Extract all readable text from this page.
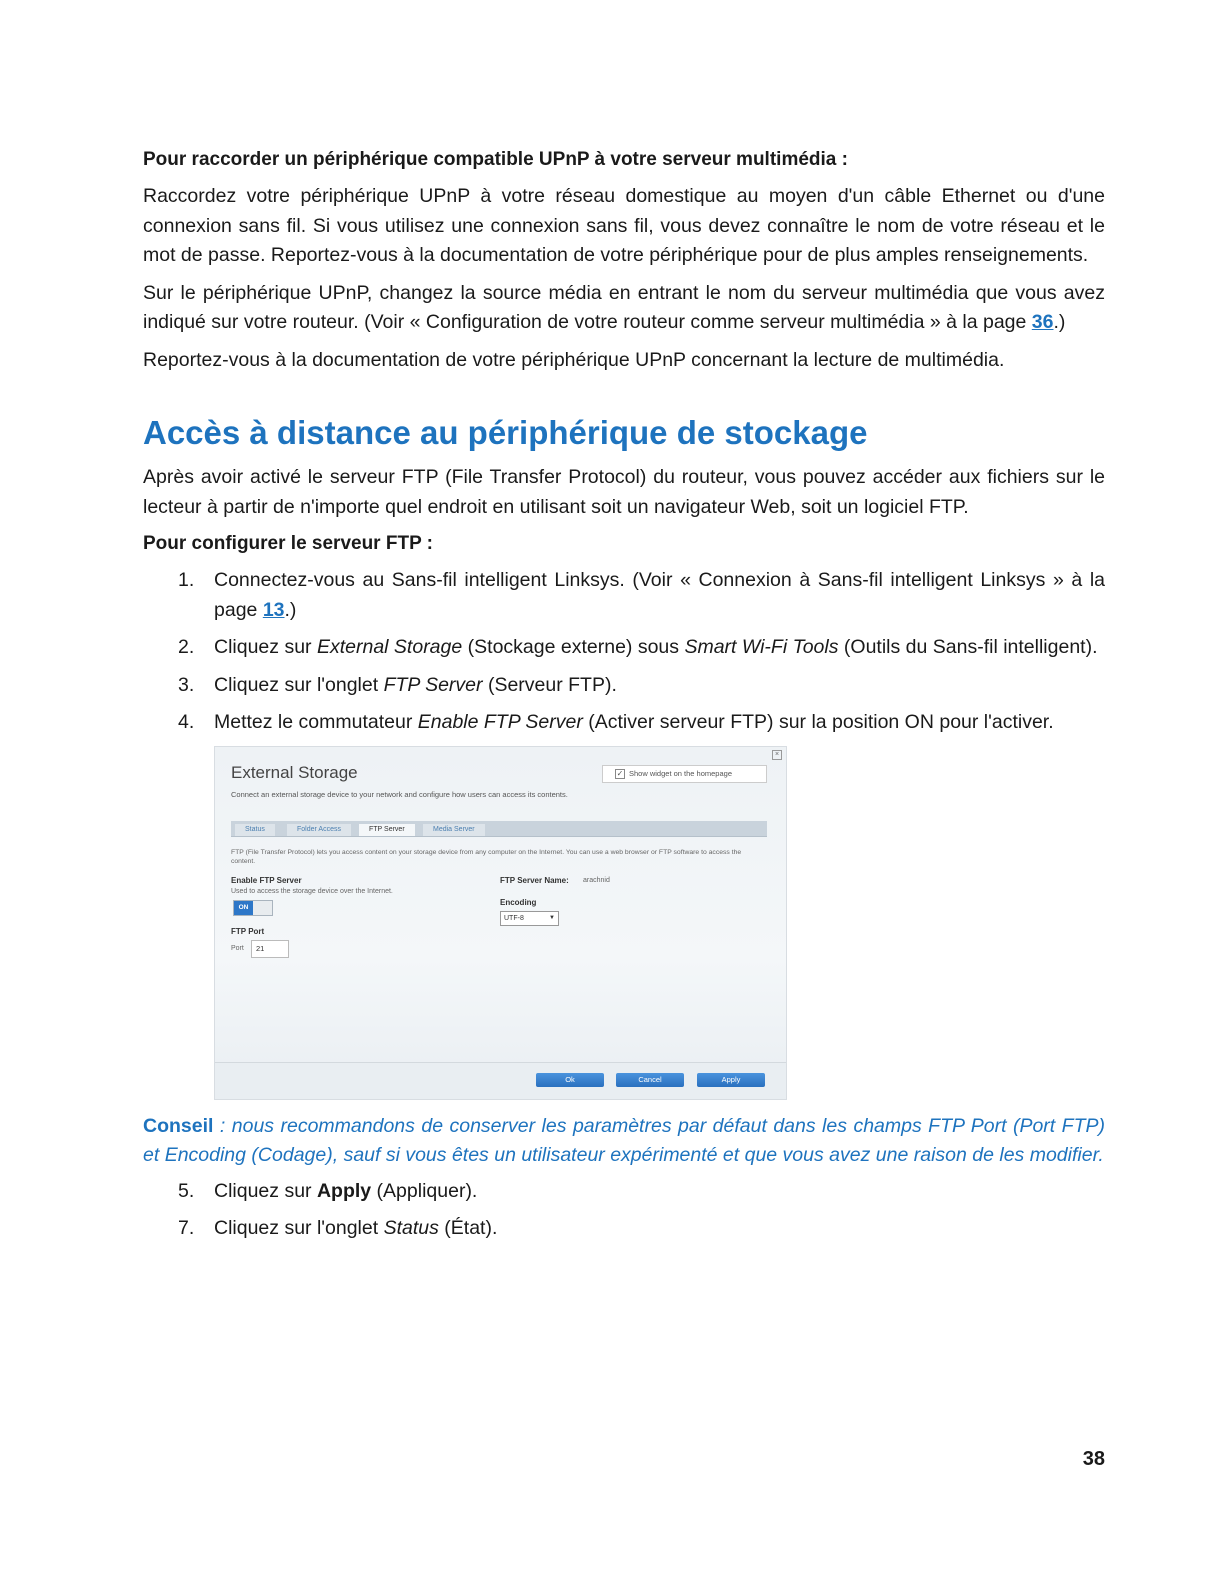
Pour raccorder un périphérique compatible UPnP à votre serveur multimédia :

Raccordez votre périphérique UPnP à votre réseau domestique au moyen d'un câble Ethernet ou d'une connexion sans fil. Si vous utilisez une connexion sans fil, vous devez connaître le nom de votre réseau et le mot de passe. Reportez-vous à la documentation de votre périphérique pour de plus amples renseignements.

Sur le périphérique UPnP, changez la source média en entrant le nom du serveur multimédia que vous avez indiqué sur votre routeur. (Voir « Configuration de votre routeur comme serveur multimédia » à la page 36.)

Reportez-vous à la documentation de votre périphérique UPnP concernant la lecture de multimédia.

Accès à distance au périphérique de stockage

Après avoir activé le serveur FTP (File Transfer Protocol) du routeur, vous pouvez accéder aux fichiers sur le lecteur à partir de n'importe quel endroit en utilisant soit un navigateur Web, soit un logiciel FTP.

Pour configurer le serveur FTP :

1. Connectez-vous au Sans-fil intelligent Linksys. (Voir « Connexion à Sans-fil intelligent Linksys » à la page 13.)
2. Cliquez sur External Storage (Stockage externe) sous Smart Wi-Fi Tools (Outils du Sans-fil intelligent).
3. Cliquez sur l'onglet FTP Server (Serveur FTP).
4. Mettez le commutateur Enable FTP Server (Activer serveur FTP) sur la position ON pour l'activer.
×
External Storage
Connect an external storage device to your network and configure how users can access its contents.
✓ Show widget on the homepage
Status	Folder Access	FTP Server	Media Server
FTP (File Transfer Protocol) lets you access content on your storage device from any computer on the Internet. You can use a web browser or FTP software to access the content.
Enable FTP Server
Used to access the storage device over the Internet.
ON
FTP Port
Port	21
FTP Server Name: arachnid
Encoding
UTF-8	▼
Ok	Cancel	Apply

Conseil : nous recommandons de conserver les paramètres par défaut dans les champs FTP Port (Port FTP) et Encoding (Codage), sauf si vous êtes un utilisateur expérimenté et que vous avez une raison de les modifier.

5. Cliquez sur Apply (Appliquer).
7. Cliquez sur l'onglet Status (État).
38
